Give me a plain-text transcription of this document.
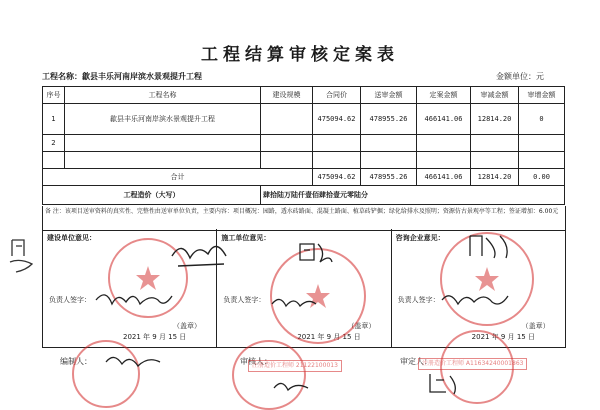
工程结算审核定案表
工程名称：歙县丰乐河南岸滨水景观提升工程	金额单位：元
序号	工程名称	建设规模	合同价	送审金额	定案金额	审减金额	审增金额
1	歙县丰乐河南岸滨水景观提升工程		475094.62	478955.26	466141.06	12814.20	0
2							

合计			475094.62	478955.26	466141.06	12814.20	0.00
工程造价（大写）		肆拾陆万陆仟壹佰肆拾壹元零陆分					
备 注：该项目送审资料的真实性、完整性由送审单位负责，主要内容：项目概况：园路，透水砖路面、混凝土路面、植草砖铲掘；绿化给排水及照明；资源仿古景观亭等工程；签证增加：6.00元
建设单位意见：
负责人签字：
（盖章）
2021 年 9 月 15 日
施工单位意见：
负责人签字：
（盖章）
2021 年 9 月 15 日
咨询企业意见：
负责人签字：
（盖章）
2021 年 9 月 15 日
编制人：	审核人：	审定人：
注册造价工程师 21122100013	注册造价工程师 A11634240001863
